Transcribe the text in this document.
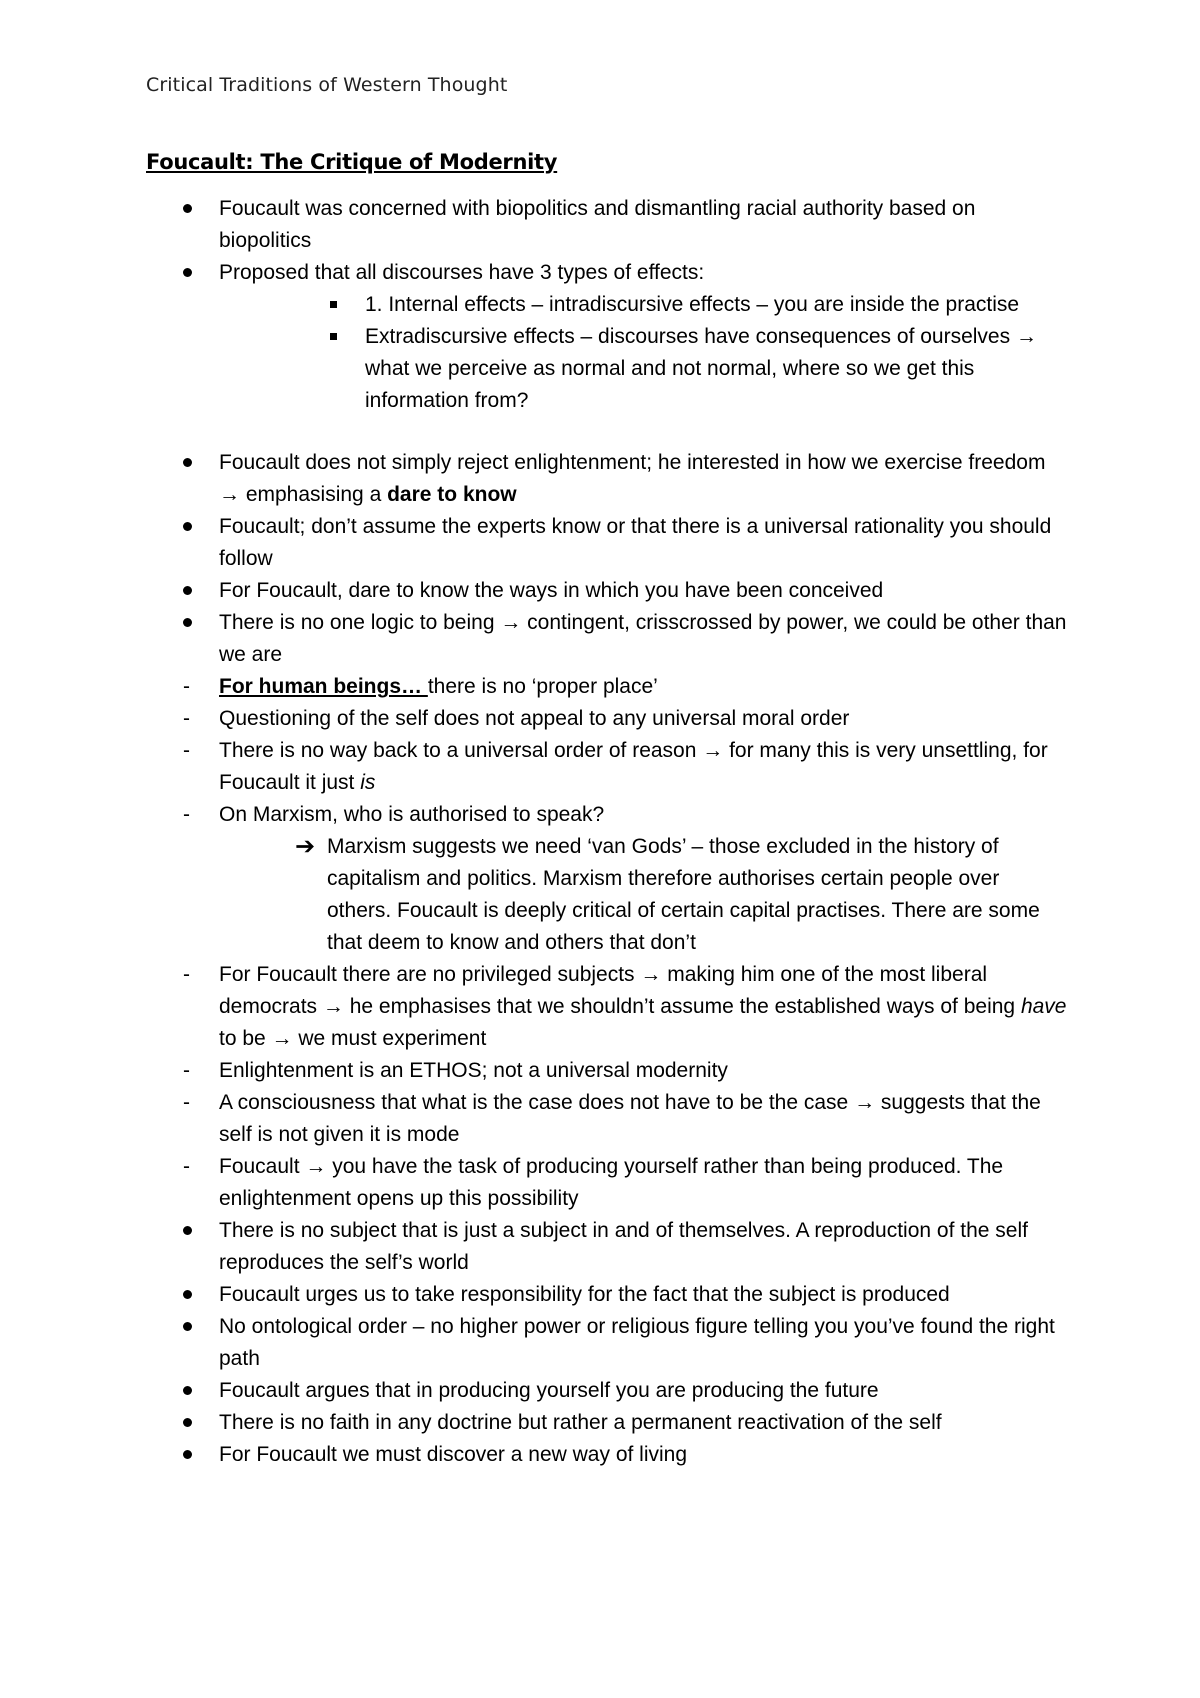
Critical Traditions of Western Thought
Foucault: The Critique of Modernity
Foucault was concerned with biopolitics and dismantling racial authority based on biopolitics
Proposed that all discourses have 3 types of effects:
1. Internal effects – intradiscursive effects – you are inside the practise
Extradiscursive effects – discourses have consequences of ourselves → what we perceive as normal and not normal, where so we get this information from?
Foucault does not simply reject enlightenment; he interested in how we exercise freedom → emphasising a dare to know
Foucault; don’t assume the experts know or that there is a universal rationality you should follow
For Foucault, dare to know the ways in which you have been conceived
There is no one logic to being → contingent, crisscrossed by power, we could be other than we are
- For human beings… there is no ‘proper place’
- Questioning of the self does not appeal to any universal moral order
- There is no way back to a universal order of reason → for many this is very unsettling, for Foucault it just is
- On Marxism, who is authorised to speak?
➔ Marxism suggests we need ‘van Gods’ – those excluded in the history of capitalism and politics. Marxism therefore authorises certain people over others. Foucault is deeply critical of certain capital practises. There are some that deem to know and others that don’t
- For Foucault there are no privileged subjects → making him one of the most liberal democrats → he emphasises that we shouldn’t assume the established ways of being have to be → we must experiment
- Enlightenment is an ETHOS; not a universal modernity
- A consciousness that what is the case does not have to be the case → suggests that the self is not given it is mode
- Foucault → you have the task of producing yourself rather than being produced. The enlightenment opens up this possibility
There is no subject that is just a subject in and of themselves. A reproduction of the self reproduces the self’s world
Foucault urges us to take responsibility for the fact that the subject is produced
No ontological order – no higher power or religious figure telling you you’ve found the right path
Foucault argues that in producing yourself you are producing the future
There is no faith in any doctrine but rather a permanent reactivation of the self
For Foucault we must discover a new way of living
